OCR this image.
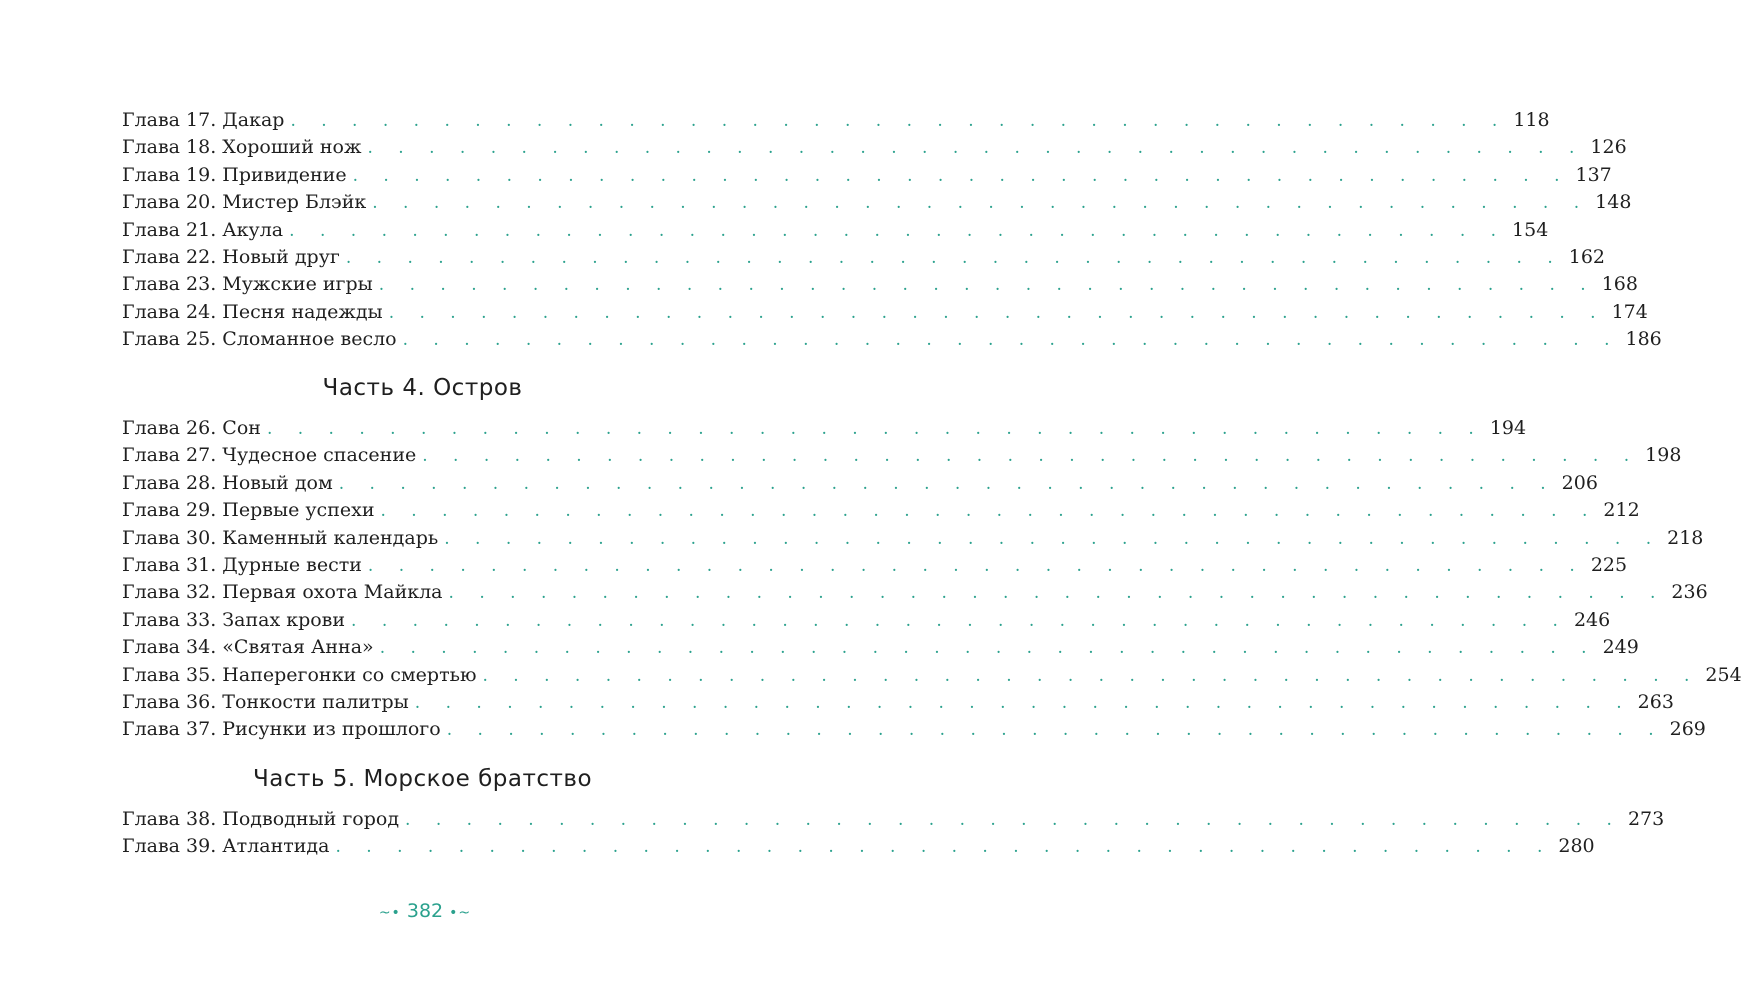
Глава 17. Дакар . . . . . . . . . . . . . . . . . . . . . . . . . . . . . . . . . . . . . . . . 118
Глава 18. Хороший нож . . . . . . . . . . . . . . . . . . . . . . . . . . . . . . . . . . . . . . . . 126
Глава 19. Привидение . . . . . . . . . . . . . . . . . . . . . . . . . . . . . . . . . . . . . . . . 137
Глава 20. Мистер Блэйк . . . . . . . . . . . . . . . . . . . . . . . . . . . . . . . . . . . . . . . . 148
Глава 21. Акула . . . . . . . . . . . . . . . . . . . . . . . . . . . . . . . . . . . . . . . . 154
Глава 22. Новый друг . . . . . . . . . . . . . . . . . . . . . . . . . . . . . . . . . . . . . . . . 162
Глава 23. Мужские игры . . . . . . . . . . . . . . . . . . . . . . . . . . . . . . . . . . . . . . . . 168
Глава 24. Песня надежды . . . . . . . . . . . . . . . . . . . . . . . . . . . . . . . . . . . . . . . . 174
Глава 25. Сломанное весло . . . . . . . . . . . . . . . . . . . . . . . . . . . . . . . . . . . . . . . . 186
Часть 4. Остров
Глава 26. Сон . . . . . . . . . . . . . . . . . . . . . . . . . . . . . . . . . . . . . . . . 194
Глава 27. Чудесное спасение . . . . . . . . . . . . . . . . . . . . . . . . . . . . . . . . . . . . . . . . 198
Глава 28. Новый дом . . . . . . . . . . . . . . . . . . . . . . . . . . . . . . . . . . . . . . . . 206
Глава 29. Первые успехи . . . . . . . . . . . . . . . . . . . . . . . . . . . . . . . . . . . . . . . . 212
Глава 30. Каменный календарь . . . . . . . . . . . . . . . . . . . . . . . . . . . . . . . . . . . . . . . . 218
Глава 31. Дурные вести . . . . . . . . . . . . . . . . . . . . . . . . . . . . . . . . . . . . . . . . 225
Глава 32. Первая охота Майкла . . . . . . . . . . . . . . . . . . . . . . . . . . . . . . . . . . . . . . . . 236
Глава 33. Запах крови . . . . . . . . . . . . . . . . . . . . . . . . . . . . . . . . . . . . . . . . 246
Глава 34. «Святая Анна» . . . . . . . . . . . . . . . . . . . . . . . . . . . . . . . . . . . . . . . . 249
Глава 35. Наперегонки со смертью . . . . . . . . . . . . . . . . . . . . . . . . . . . . . . . . . . . . . . . . 254
Глава 36. Тонкости палитры . . . . . . . . . . . . . . . . . . . . . . . . . . . . . . . . . . . . . . . . 263
Глава 37. Рисунки из прошлого . . . . . . . . . . . . . . . . . . . . . . . . . . . . . . . . . . . . . . . . 269
Часть 5. Морское братство
Глава 38. Подводный город . . . . . . . . . . . . . . . . . . . . . . . . . . . . . . . . . . . . . . . . 273
Глава 39. Атлантида . . . . . . . . . . . . . . . . . . . . . . . . . . . . . . . . . . . . . . . . 280
~• 382 •~
